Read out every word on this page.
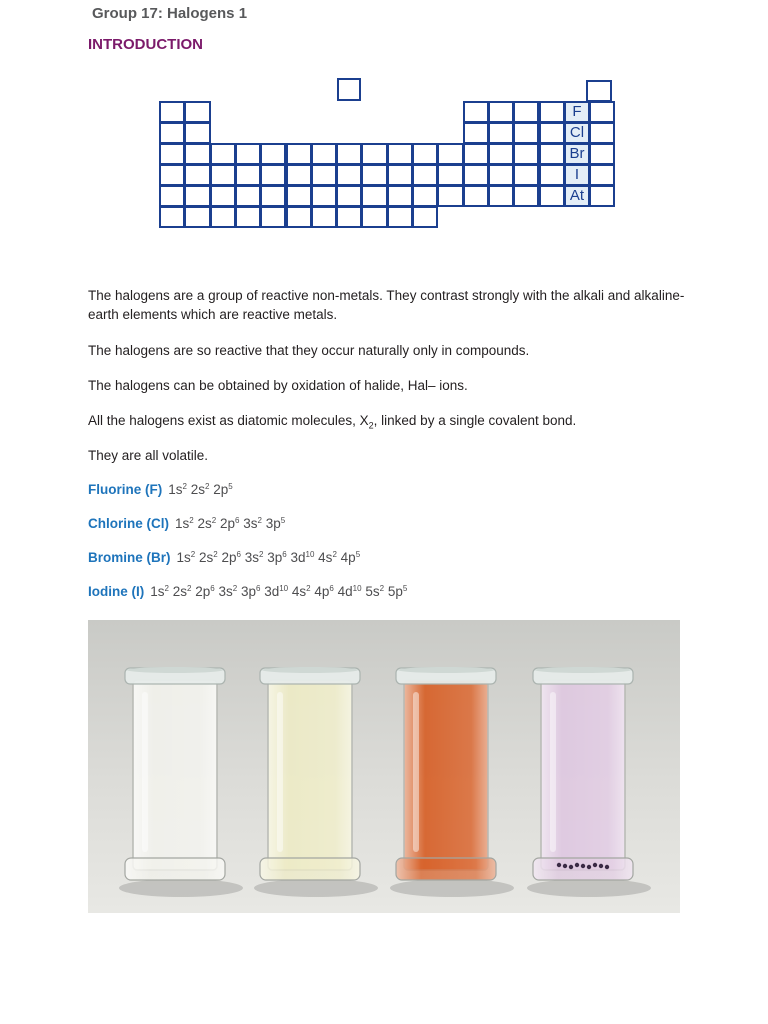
Group 17: Halogens 1
INTRODUCTION
F
Cl
Br
I
At

The halogens are a group of reactive non-metals. They contrast strongly with the alkali and alkaline-earth elements which are reactive metals.

The halogens are so reactive that they occur naturally only in compounds.

The halogens can be obtained by oxidation of halide, Hal– ions.

All the halogens exist as diatomic molecules, $X_2$, linked by a single covalent bond.

They are all volatile.

Fluorine (F) $1s^2$ $2s^2$ $2p^5$

Chlorine (Cl) $1s^2$ $2s^2$ $2p^6$ $3s^2$ $3p^5$

Bromine (Br) $1s^2$ $2s^2$ $2p^6$ $3s^2$ $3p^6$ $3d^{10}$ $4s^2$ $4p^5$

Iodine (I) $1s^2$ $2s^2$ $2p^6$ $3s^2$ $3p^6$ $3d^{10}$ $4s^2$ $4p^6$ $4d^{10}$ $5s^2$ $5p^5$
